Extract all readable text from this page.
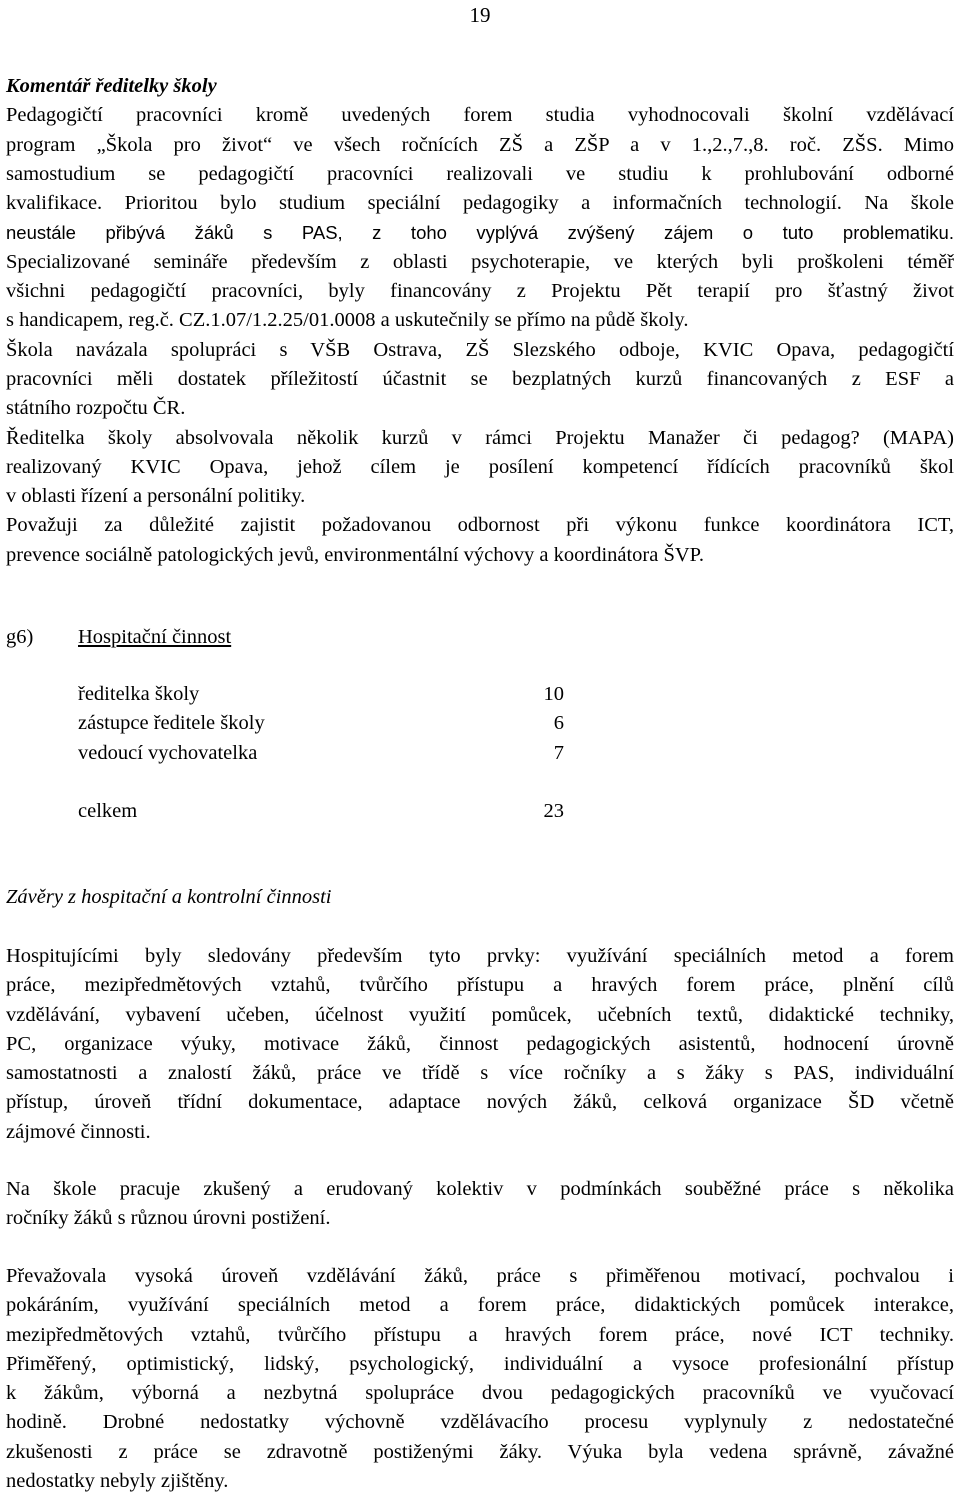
19
Komentář ředitelky školy
Pedagogičtí pracovníci kromě uvedených forem studia vyhodnocovali školní vzdělávací
program „Škola pro život“ ve všech ročnících ZŠ a ZŠP a v 1.,2.,7.,8. roč. ZŠS. Mimo
samostudium se pedagogičtí pracovníci realizovali ve studiu k prohlubování odborné
kvalifikace. Prioritou bylo studium speciální pedagogiky a informačních technologií. Na škole
neustále přibývá žáků s PAS, z toho vyplývá zvýšený zájem o tuto problematiku.
Specializované semináře především z oblasti psychoterapie, ve kterých byli proškoleni téměř
všichni pedagogičtí pracovníci, byly financovány z Projektu Pět terapií pro šťastný život
s handicapem, reg.č. CZ.1.07/1.2.25/01.0008 a uskutečnily se přímo na půdě školy.
Škola navázala spolupráci s VŠB Ostrava, ZŠ Slezského odboje, KVIC Opava, pedagogičtí
pracovníci měli dostatek příležitostí účastnit se bezplatných kurzů financovaných z ESF a
státního rozpočtu ČR.
Ředitelka školy absolvovala několik kurzů v rámci Projektu Manažer či pedagog? (MAPA)
realizovaný KVIC Opava, jehož cílem je posílení kompetencí řídících pracovníků škol
v oblasti řízení a personální politiky.
Považuji za důležité zajistit požadovanou odbornost při výkonu funkce koordinátora ICT,
prevence sociálně patologických jevů, environmentální výchovy a koordinátora ŠVP.
g6) Hospitační činnost
ředitelka školy	10
zástupce ředitele školy	6
vedoucí vychovatelka	7
celkem	23
Závěry z hospitační a kontrolní činnosti
Hospitujícími byly sledovány především tyto prvky: využívání speciálních metod a forem
práce, mezipředmětových vztahů, tvůrčího přístupu a hravých forem práce, plnění cílů
vzdělávání, vybavení učeben, účelnost využití pomůcek, učebních textů, didaktické techniky,
PC, organizace výuky, motivace žáků, činnost pedagogických asistentů, hodnocení úrovně
samostatnosti a znalostí žáků, práce ve třídě s více ročníky a s žáky s PAS, individuální
přístup, úroveň třídní dokumentace, adaptace nových žáků, celková organizace ŠD včetně
zájmové činnosti.
Na škole pracuje zkušený a erudovaný kolektiv v podmínkách souběžné práce s několika
ročníky žáků s různou úrovni postižení.
Převažovala vysoká úroveň vzdělávání žáků, práce s přiměřenou motivací, pochvalou i
pokáráním, využívání speciálních metod a forem práce, didaktických pomůcek interakce,
mezipředmětových vztahů, tvůrčího přístupu a hravých forem práce, nové ICT techniky.
Přiměřený, optimistický, lidský, psychologický, individuální a vysoce profesionální přístup
k žákům, výborná a nezbytná spolupráce dvou pedagogických pracovníků ve vyučovací
hodině. Drobné nedostatky výchovně vzdělávacího procesu vyplynuly z nedostatečné
zkušenosti z práce se zdravotně postiženými žáky. Výuka byla vedena správně, závažné
nedostatky nebyly zjištěny.
